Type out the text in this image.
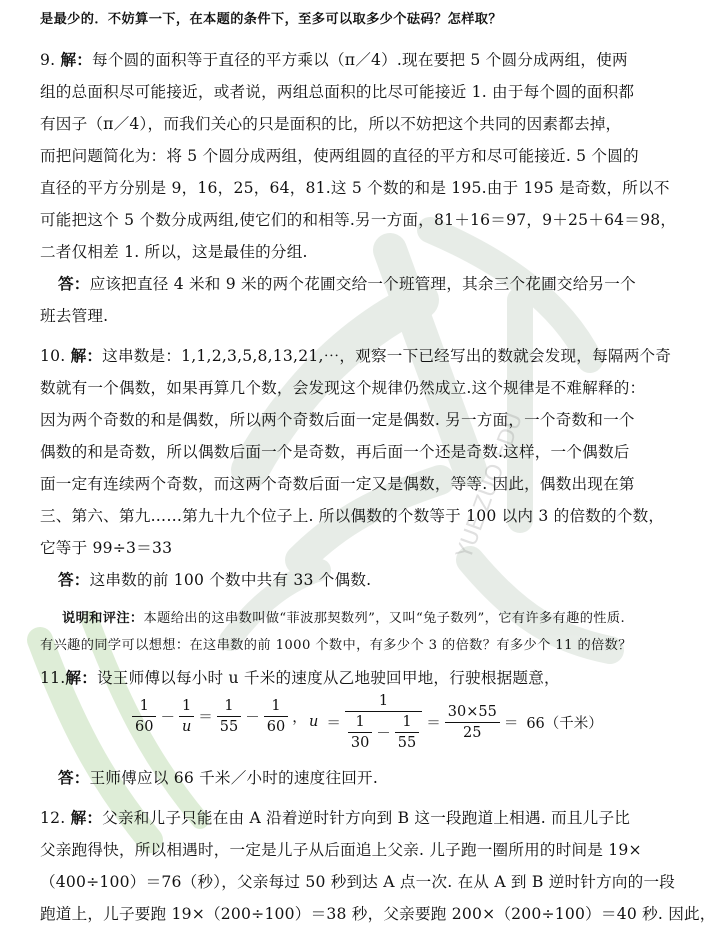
YUE ZUO EDU
是最少的．不妨算一下，在本题的条件下，至多可以取多少个砝码？怎样取？
9. 解：每个圆的面积等于直径的平方乘以（π／4）.现在要把 5 个圆分成两组，使两
组的总面积尽可能接近，或者说，两组总面积的比尽可能接近 1. 由于每个圆的面积都
有因子（π／4），而我们关心的只是面积的比，所以不妨把这个共同的因素都去掉，
而把问题简化为：将 5 个圆分成两组，使两组圆的直径的平方和尽可能接近. 5 个圆的
直径的平方分别是 9，16，25，64，81.这 5 个数的和是 195.由于 195 是奇数，所以不
可能把这个 5 个数分成两组,使它们的和相等.另一方面，81＋16＝97，9＋25＋64＝98，
二者仅相差 1. 所以，这是最佳的分组.
答：应该把直径 4 米和 9 米的两个花圃交给一个班管理，其余三个花圃交给另一个
班去管理.
10. 解：这串数是：1,1,2,3,5,8,13,21,⋯，观察一下已经写出的数就会发现，每隔两个奇
数就有一个偶数，如果再算几个数，会发现这个规律仍然成立.这个规律是不难解释的：
因为两个奇数的和是偶数，所以两个奇数后面一定是偶数. 另一方面，一个奇数和一个
偶数的和是奇数，所以偶数后面一个是奇数，再后面一个还是奇数.这样，一个偶数后
面一定有连续两个奇数，而这两个奇数后面一定又是偶数，等等. 因此，偶数出现在第
三、第六、第九……第九十九个位子上. 所以偶数的个数等于 100 以内 3 的倍数的个数，
它等于 99÷3＝33
答：这串数的前 100 个数中共有 33 个偶数.
说明和评注：本题给出的这串数叫做“菲波那契数列”，又叫“兔子数列”，它有许多有趣的性质.
有兴趣的同学可以想想：在这串数的前 1000 个数中，有多少个 3 的倍数？有多少个 11 的倍数？
11.解：设王师傅以每小时 u 千米的速度从乙地驶回甲地，行驶根据题意，
$\frac{1}{60} - \frac{1}{u} = \frac{1}{55} - \frac{1}{60}$ ， $u = \frac{1}{\frac{1}{30} - \frac{1}{55}} = \frac{30\times 55}{25} = 66$（千米）
答：王师傅应以 66 千米／小时的速度往回开.
12. 解：父亲和儿子只能在由 A 沿着逆时针方向到 B 这一段跑道上相遇. 而且儿子比
父亲跑得快，所以相遇时，一定是儿子从后面追上父亲. 儿子跑一圈所用的时间是 19×
（400÷100）＝76（秒），父亲每过 50 秒到达 A 点一次. 在从 A 到 B 逆时针方向的一段
跑道上，儿子要跑 19×（200÷100）＝38 秒，父亲要跑 200×（200÷100）＝40 秒. 因此，
